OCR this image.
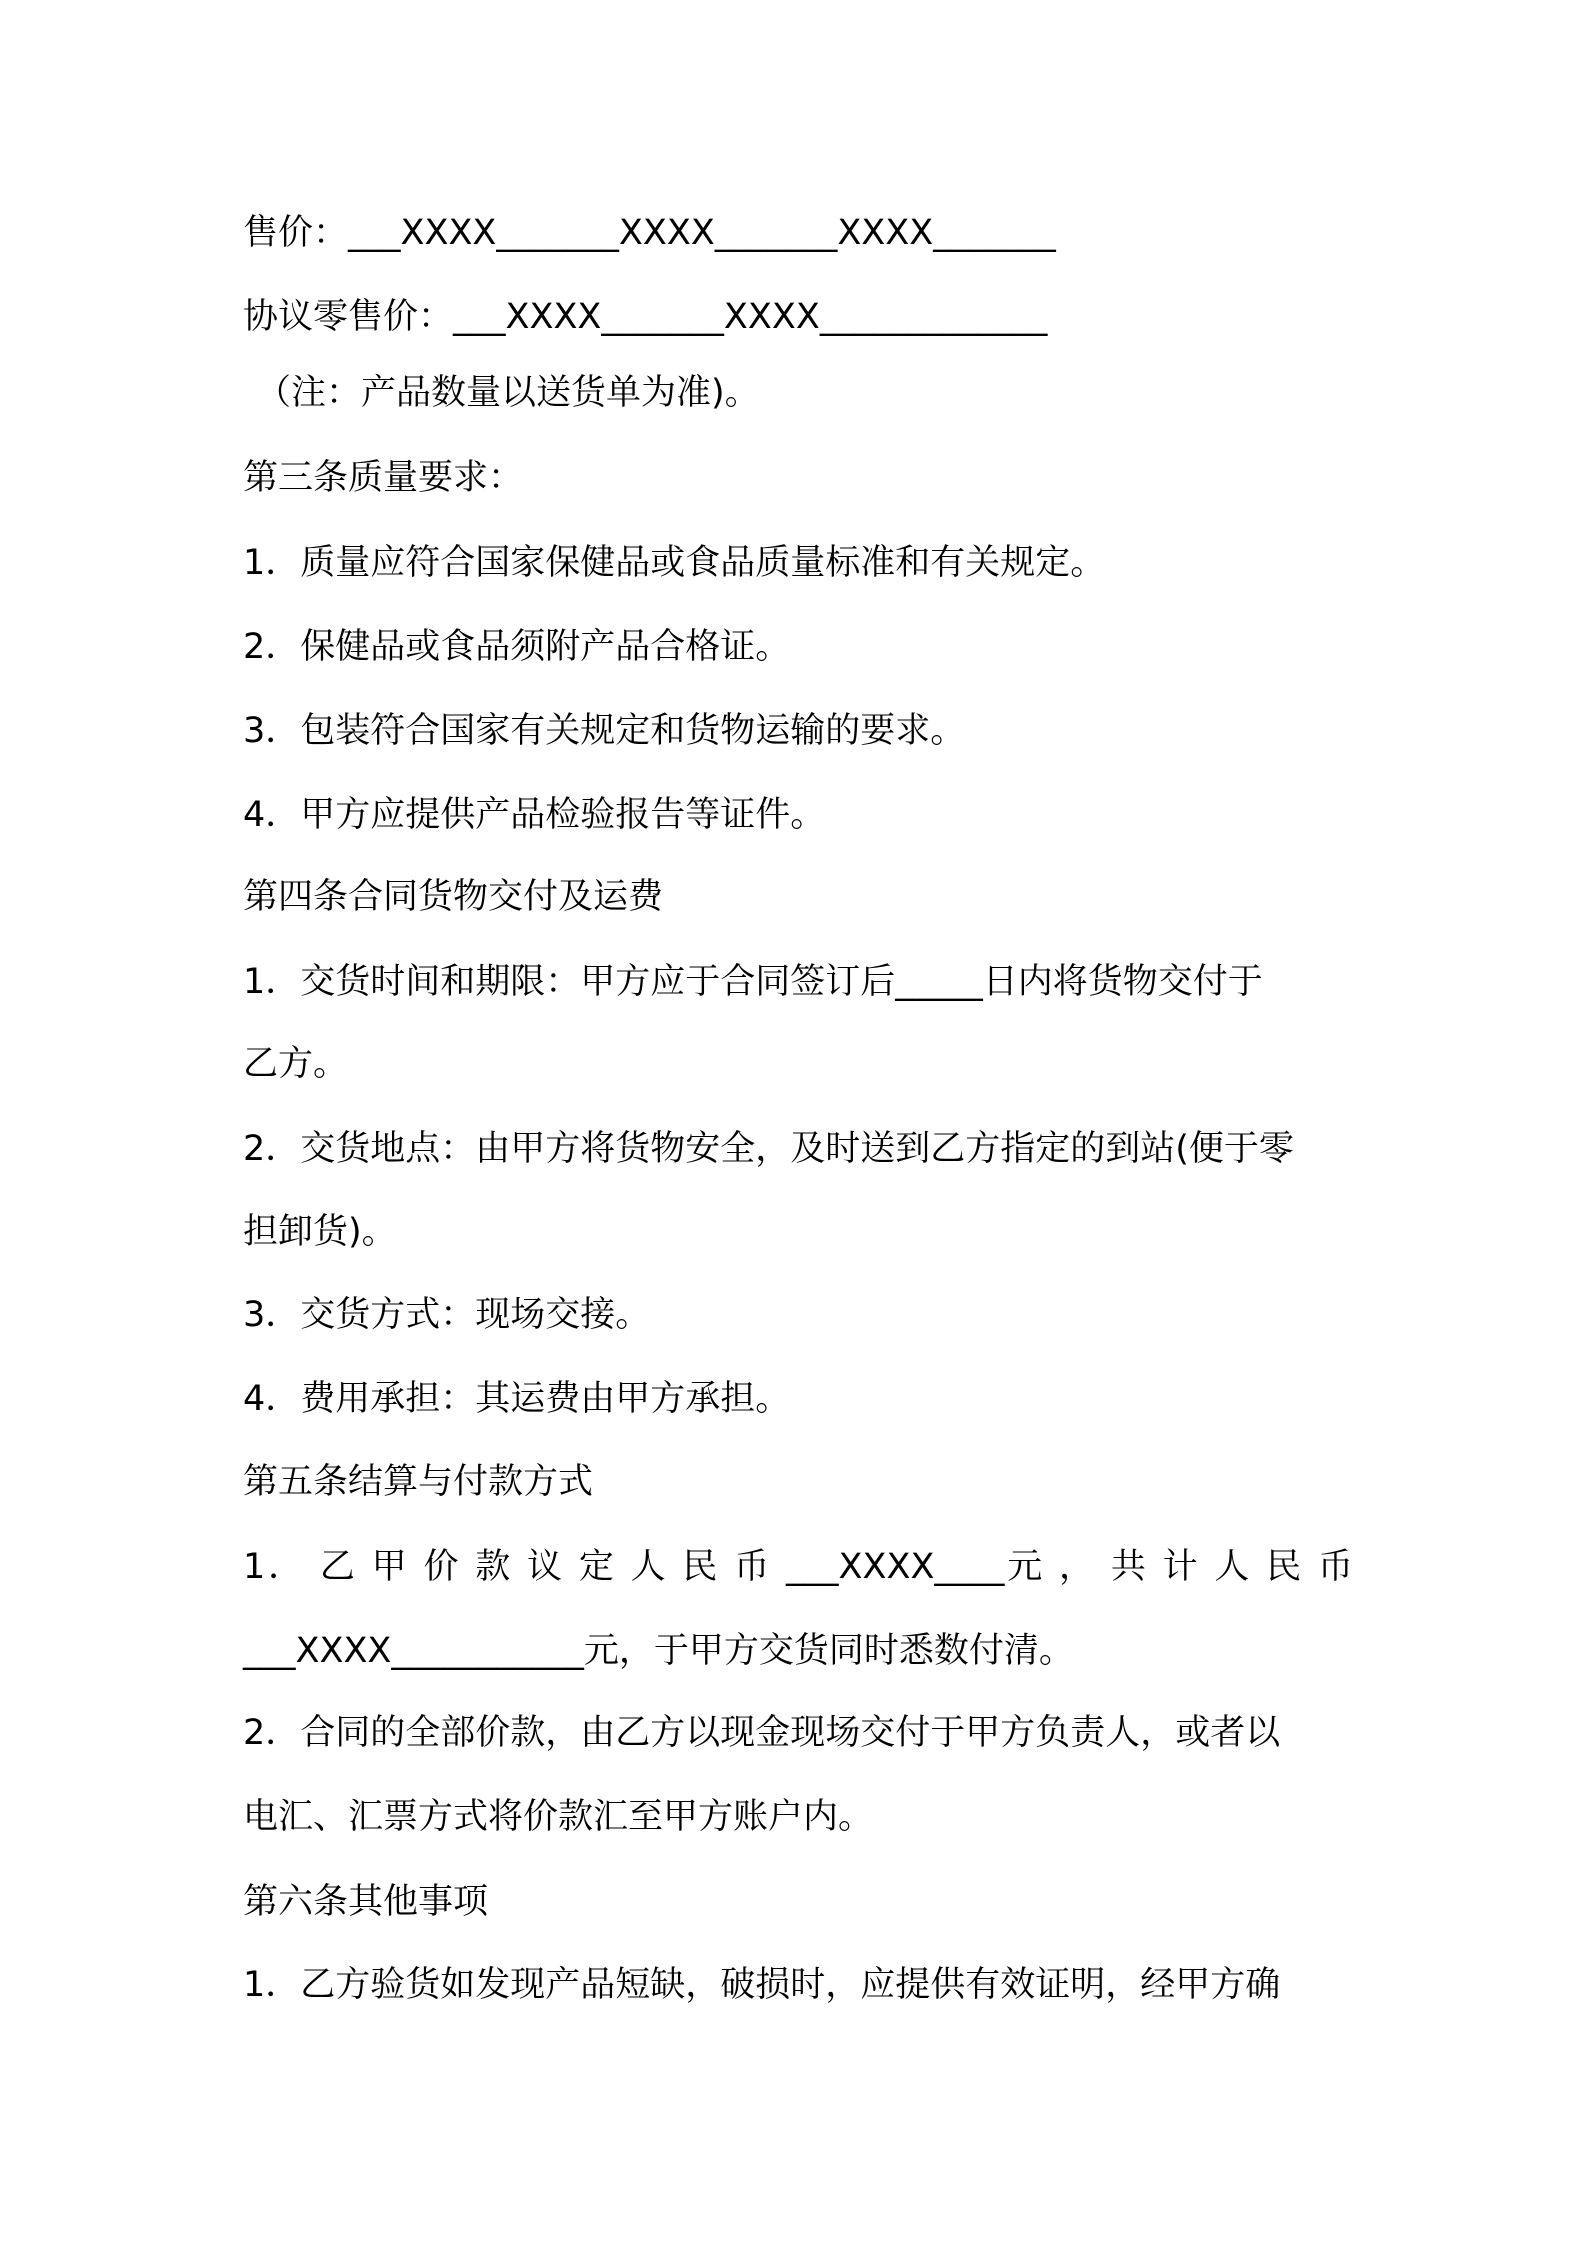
售价：___XXXX_______XXXX_______XXXX_______
协议零售价：___XXXX_______XXXX_____________
（注：产品数量以送货单为准)。
第三条质量要求：
1．质量应符合国家保健品或食品质量标准和有关规定。
2．保健品或食品须附产品合格证。
3．包装符合国家有关规定和货物运输的要求。
4．甲方应提供产品检验报告等证件。
第四条合同货物交付及运费
1．交货时间和期限：甲方应于合同签订后_____日内将货物交付于
乙方。
2．交货地点：由甲方将货物安全，及时送到乙方指定的到站(便于零
担卸货)。
3．交货方式：现场交接。
4．费用承担：其运费由甲方承担。
第五条结算与付款方式
1． 乙 甲 价 款 议 定 人 民 币 ___XXXX____元 ， 共 计 人 民 币
___XXXX___________元，于甲方交货同时悉数付清。
2．合同的全部价款，由乙方以现金现场交付于甲方负责人，或者以
电汇、汇票方式将价款汇至甲方账户内。
第六条其他事项
1．乙方验货如发现产品短缺，破损时，应提供有效证明，经甲方确
